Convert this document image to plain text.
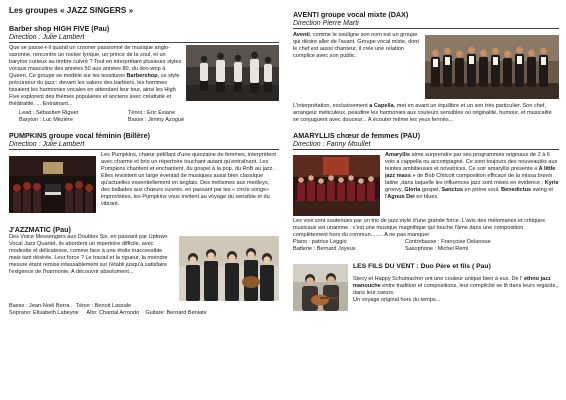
Les groupes « JAZZ SINGERS »
Barber shop HIGH FIVE (Pau)
Direction : Julie Lambert

Que se passe-t-il quand un crooner passionné de musique anglo-saxonne, rencontre un rocker lyrique, un prince de la soul, et un baryton curieux au timbre cuivré ? Tout en interprétant plusieurs styles vocaux masculins des années 50 aux années 80, du doo-wop à Queen. Ce groupe se modèle sur les tessitures Barbershop, ce style précurseur du jazz : devant les salons des barbiers, les hommes tissaient les harmonies vocales en attendant leur tour, ainsi les High Five explorent des thèmes populaires et anciens avec créativité et théâtralité. ... Entrainant...

Lead : Sébastien Riguet	Ténor : Eric Esiane
Baryton : Luc Mézière	Basse : Jimmy Azogué
PUMPKINS groupe vocal féminin (Billère)
Direction : Julie Lambert

Les Pumpkins, chœur pétillant d'une quinzaine de femmes, interprètent avec charme et brio un répertoire touchant autant qu'entraînant. Les Pumpkins chantent et enchantent, du gospel à la pop, du RnB au jazz. Elles revisitent un large éventail de musiques aussi bien classique qu'actuelles essentiellement en anglais. Des mélismes aux medleys, des ballades aux chœurs cuivrés, en passant par les « circle songs» improvisées, les Pumpkins vous invitent au voyage du sensible et du vibrant.

J'AZZMATIC (Pau)

Des Voice Messengers aux Doubles Six, en passant par Uptown Vocal Jazz Quartet, ils abordent un répertoire difficile, avec modestie et délicatesse, comme face à une étoile inaccessible mais tant désirée. Leur force ? Le travail et la rigueur, la moindre mesure étant remise inlassablement sur l'établi jusqu'à satisfaire l'exigence de l'harmonie. A découvrir absolument...

Basse : Jean-Noël Berra Ténor : Benoit Lassale
Soprano: Elisabeth Labeyrie Alto: Chantal Arrondo Guitare: Bernard Beniate
AVENTI groupe vocal mixte (DAX)
Direction Pierre Marti

Aventi, comme le souligne son nom est un groupe qui désire aller de l'avant. Groupe vocal mixte, dont le chef est aussi chanteur, il crée une relation complice avec son public.

L'interprétation, exclusivement a Capella, met en avant un équilibre et un son très particulier. Son chef, arrangeur méticuleux, peaufine les harmonies aux couleurs sensibles où originalité, humour, et musicalité se conjuguent avec douceur... A écouter même les yeux fermés...

AMARYLLIS chœur de femmes (PAU)
Direction : Fanny Moullet

Amaryllis aime surprendre par ses programmes originaux de 2 à 6 voix a cappella ou accompagné. Ce sont toujours des nouveautés aux teintes ambitieuses et novatrices. Ce soir amaryllis présente « A little jazz mass » de Bob Chilcott composition efficace de la missa brevis latine ,dans laquelle les influences jazz sont mises en évidence : Kyrie groovy, Gloria gospel, Sanctus en prière soul, Benedictus swing et l'Agnus Dei en blues.

Les voix sont soutenues par un trio de jazz stylé d'une grande force. L'avis des mélomanes et critiques musicaux est unanime : c'est une musique magnifique qui touche l'âme dans une composition complètement hors du commun........ A ne pas manquer

Piano : patrice Leggio	Contrebasse : Françoise Delanoue
Batterie : Bernard Joyeux	Saxophone : Michel Remi
LES FILS DU VENT : Duo Père et fils ( Pau)

Stecy et Happy Schumacher ont une couleur unique bien à eux. De l' ethno jazz manouche entre tradition et compositions, leur complicité se lit dans leurs regards,, dans leur cœurs.

Un voyage original hors du temps...
